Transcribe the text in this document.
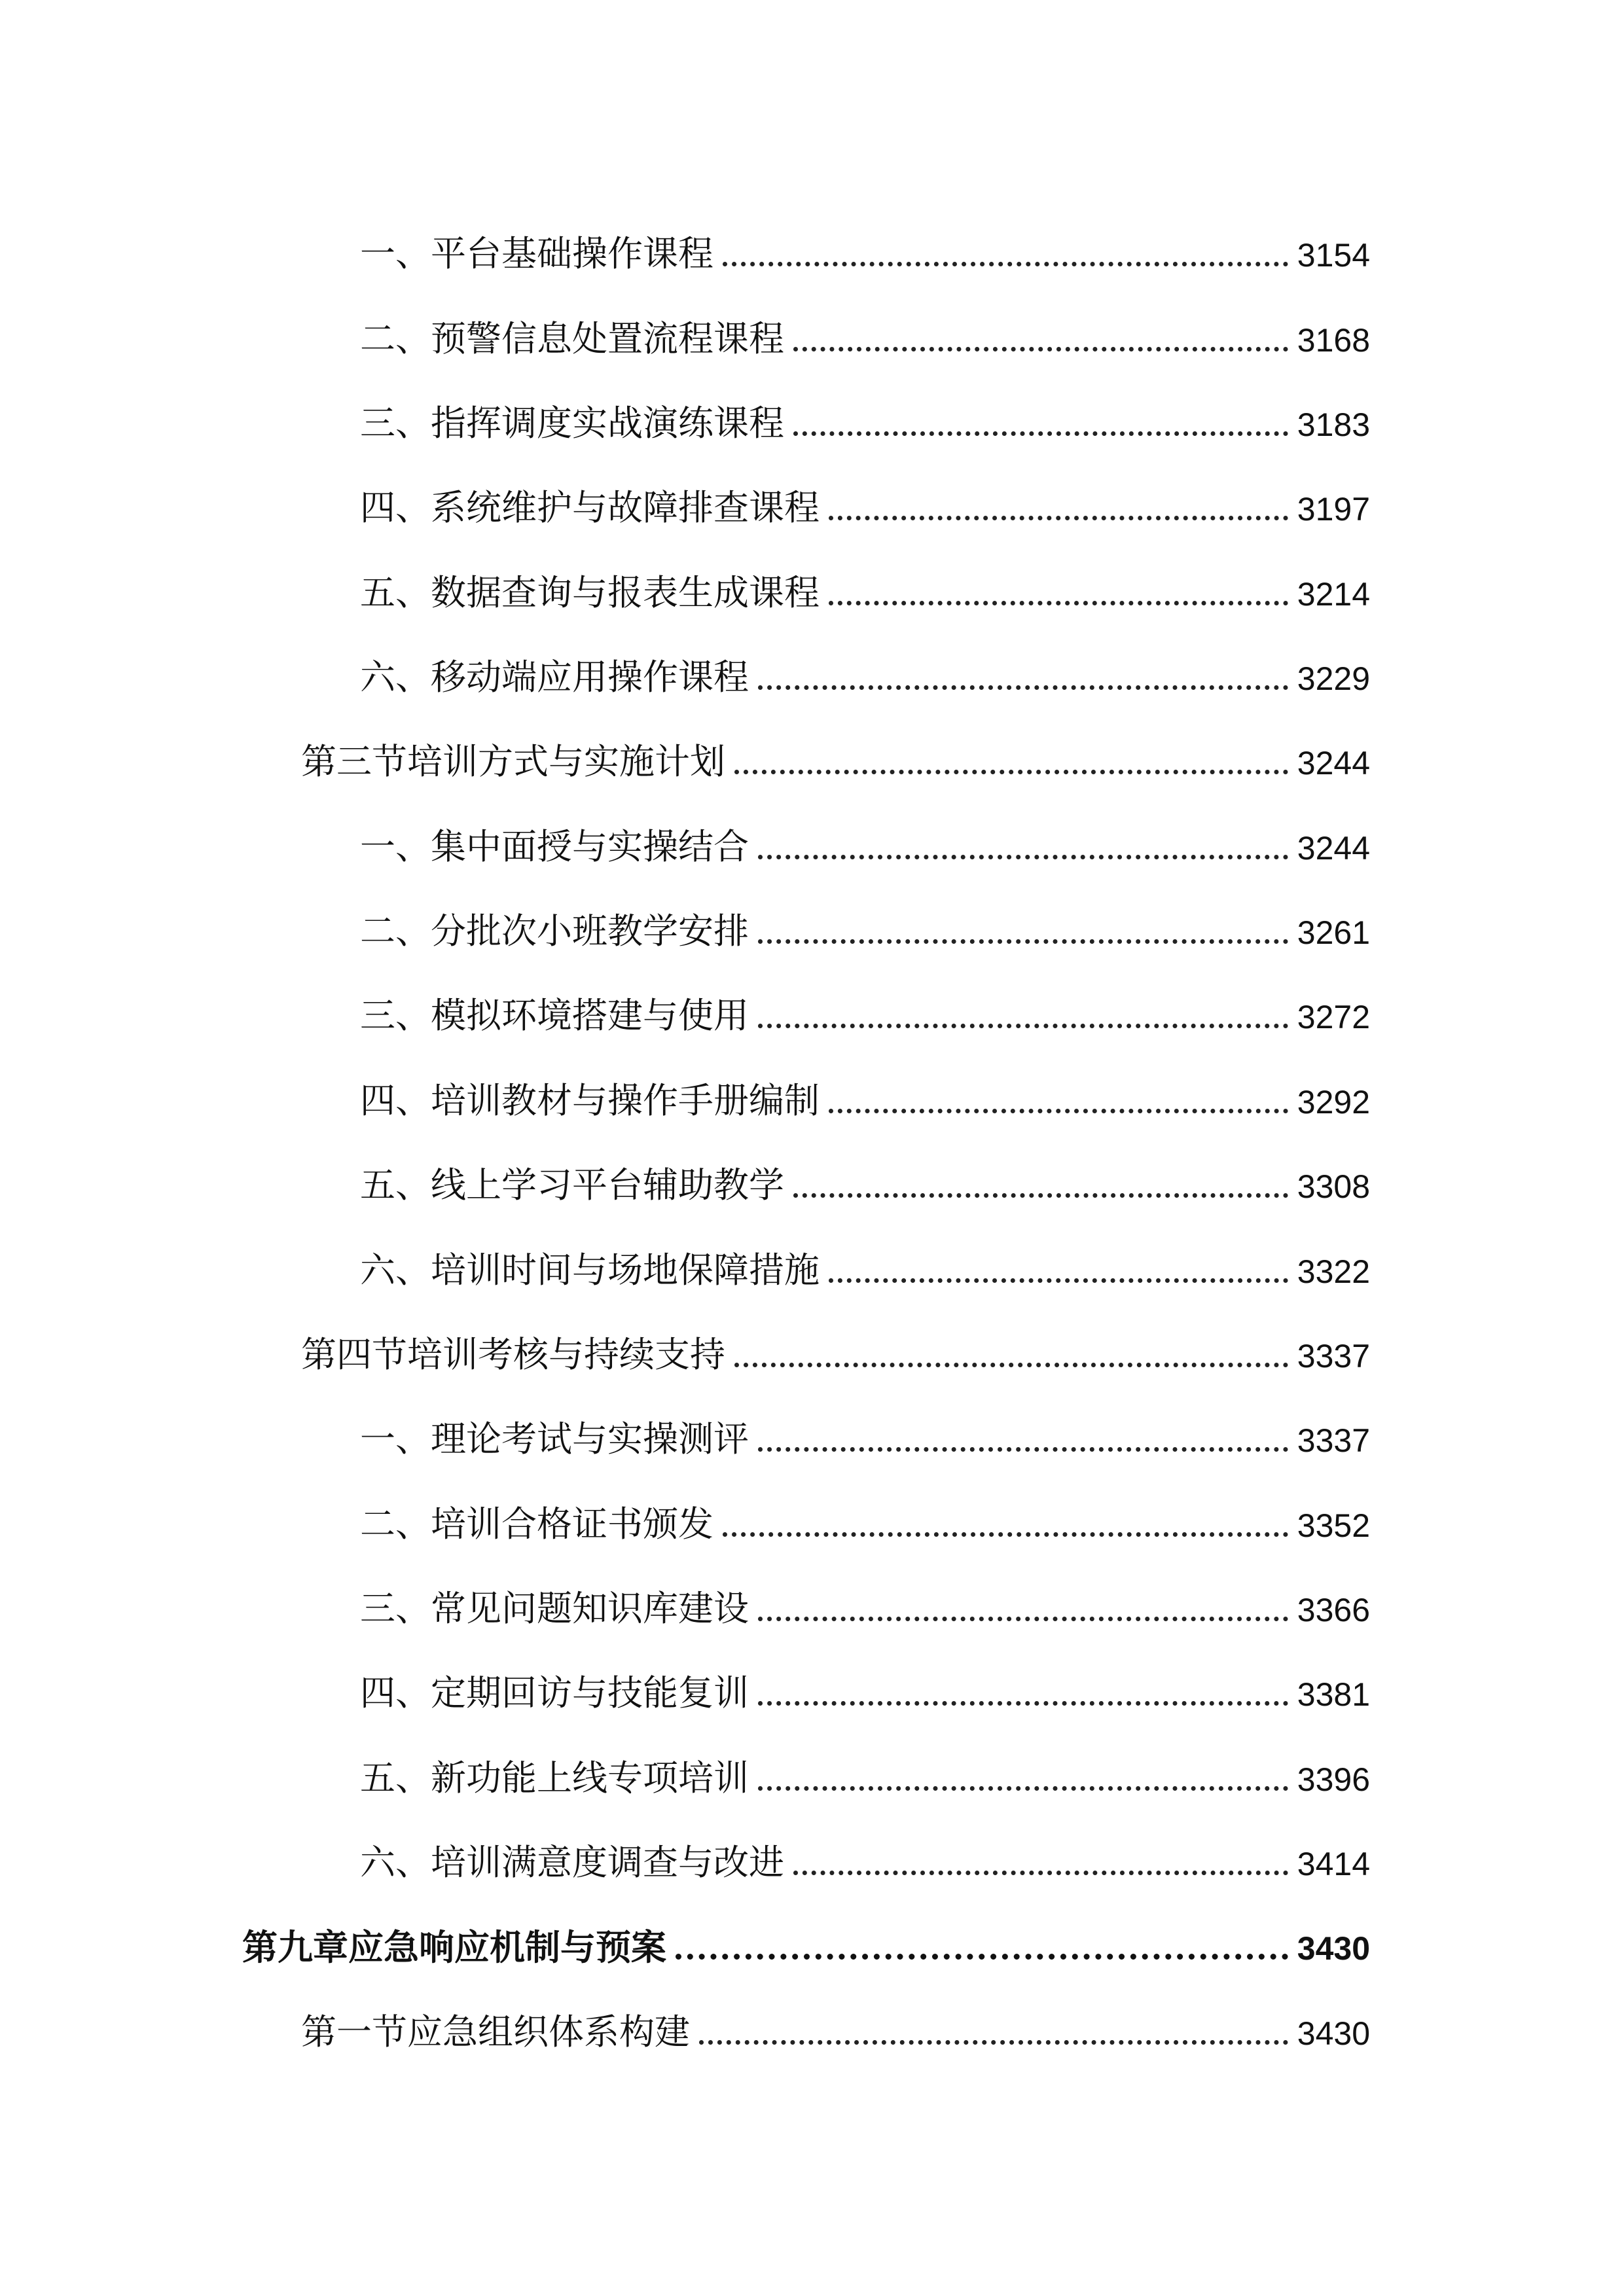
一、平台基础操作课程	3154
二、预警信息处置流程课程	3168
三、指挥调度实战演练课程	3183
四、系统维护与故障排查课程	3197
五、数据查询与报表生成课程	3214
六、移动端应用操作课程	3229
第三节培训方式与实施计划	3244
一、集中面授与实操结合	3244
二、分批次小班教学安排	3261
三、模拟环境搭建与使用	3272
四、培训教材与操作手册编制	3292
五、线上学习平台辅助教学	3308
六、培训时间与场地保障措施	3322
第四节培训考核与持续支持	3337
一、理论考试与实操测评	3337
二、培训合格证书颁发	3352
三、常见问题知识库建设	3366
四、定期回访与技能复训	3381
五、新功能上线专项培训	3396
六、培训满意度调查与改进	3414
第九章应急响应机制与预案	3430
第一节应急组织体系构建	3430
